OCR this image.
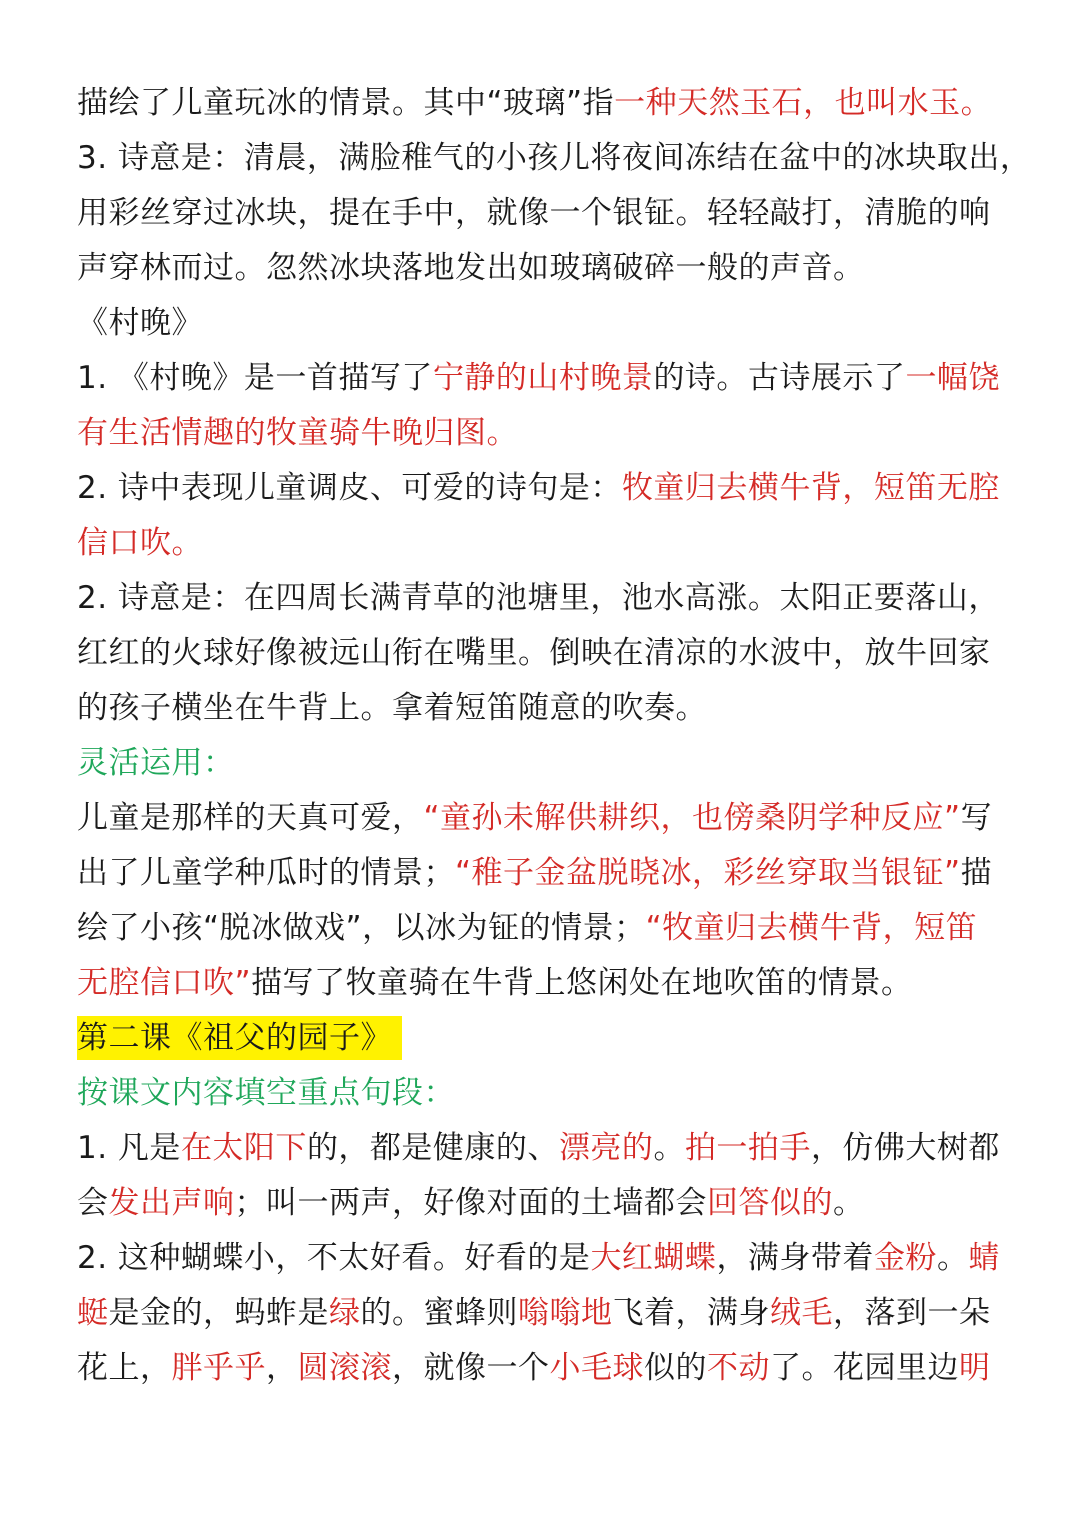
描绘了儿童玩冰的情景。其中“玻璃”指一种天然玉石，也叫水玉。
3. 诗意是：清晨，满脸稚气的小孩儿将夜间冻结在盆中的冰块取出，
用彩丝穿过冰块，提在手中，就像一个银钲。轻轻敲打，清脆的响
声穿林而过。忽然冰块落地发出如玻璃破碎一般的声音。
《村晚》
1. 《村晚》是一首描写了宁静的山村晚景的诗。古诗展示了一幅饶
有生活情趣的牧童骑牛晚归图。
2. 诗中表现儿童调皮、可爱的诗句是：牧童归去横牛背，短笛无腔
信口吹。
2. 诗意是：在四周长满青草的池塘里，池水高涨。太阳正要落山，
红红的火球好像被远山衔在嘴里。倒映在清凉的水波中，放牛回家
的孩子横坐在牛背上。拿着短笛随意的吹奏。
灵活运用：
儿童是那样的天真可爱，“童孙未解供耕织，也傍桑阴学种反应”写
出了儿童学种瓜时的情景；“稚子金盆脱晓冰，彩丝穿取当银钲”描
绘了小孩“脱冰做戏”，以冰为钲的情景；“牧童归去横牛背，短笛
无腔信口吹”描写了牧童骑在牛背上悠闲处在地吹笛的情景。
第二课《祖父的园子》
按课文内容填空重点句段：
1. 凡是在太阳下的，都是健康的、漂亮的。拍一拍手，仿佛大树都
会发出声响；叫一两声，好像对面的土墙都会回答似的。
2. 这种蝴蝶小，不太好看。好看的是大红蝴蝶，满身带着金粉。蜻
蜓是金的，蚂蚱是绿的。蜜蜂则嗡嗡地飞着，满身绒毛，落到一朵
花上，胖乎乎，圆滚滚，就像一个小毛球似的不动了。花园里边明
